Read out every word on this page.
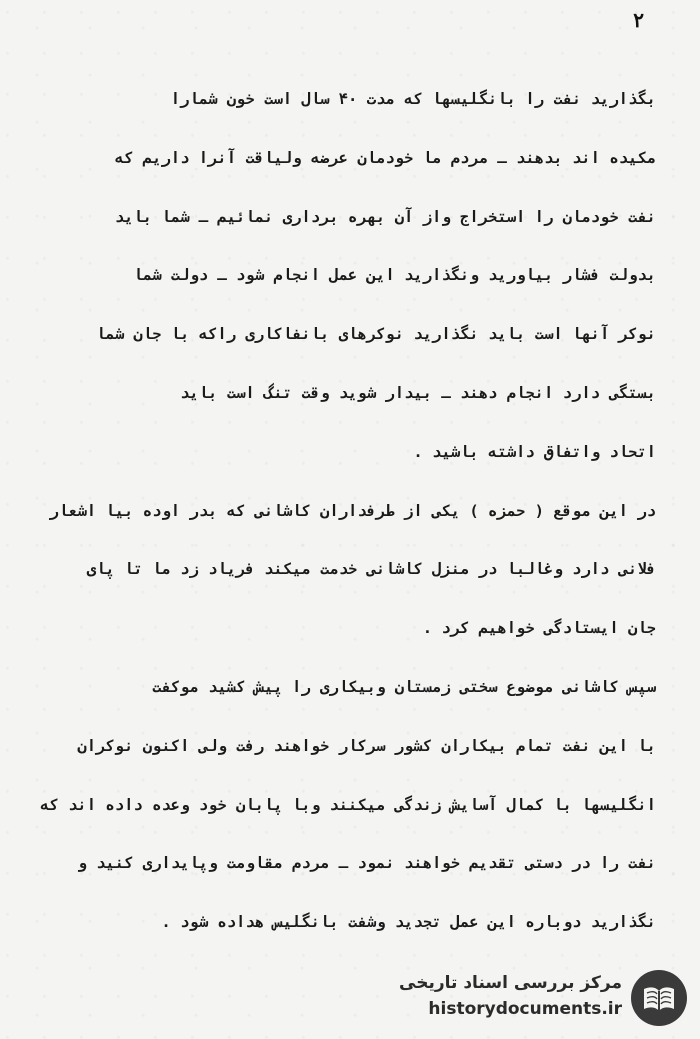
۲
بگذارید نفت را بانگلیسها که مدت ۴۰ سال است خون شمارا
مکیده اند بدهند ـ مردم ما خودمان عرضه ولیاقت آنرا داریم که
نفت خودمان را استخراج واز آن بهره برداری نمائیم ـ شما باید
بدولت فشار بیاورید ونگذارید این عمل انجام شود ـ دولت شما
نوکر آنها است باید نگذارید نوکرهای بانفاکاری راکه با جان شما
بستگی دارد انجام دهند ـ بیدار شوید وقت تنگ است باید
اتحاد واتفاق داشته باشید .
در این موقع ( حمزه ) یکی از طرفداران کاشانی که بدر اوده بیا اشعار
فلانی دارد وغالبا در منزل کاشانی خدمت میکند فریاد زد ما تا پای
جان ایستادگی خواهیم کرد .
سپس کاشانی موضوع سختی زمستان وبیکاری را پیش کشید موکفت
با این نفت تمام بیکاران کشور سرکار خواهند رفت ولی اکنون نوکران
انگلیسها با کمال آسایش زندگی میکنند وبا پابان خود وعده داده اند که
نفت را در دستی تقدیم خواهند نمود ـ مردم مقاومت وپایداری کنید و
نگذارید دوباره این عمل تجدید وشفت بانگلیس هداده شود .
مرکز بررسی اسناد تاریخی
historydocuments.ir
